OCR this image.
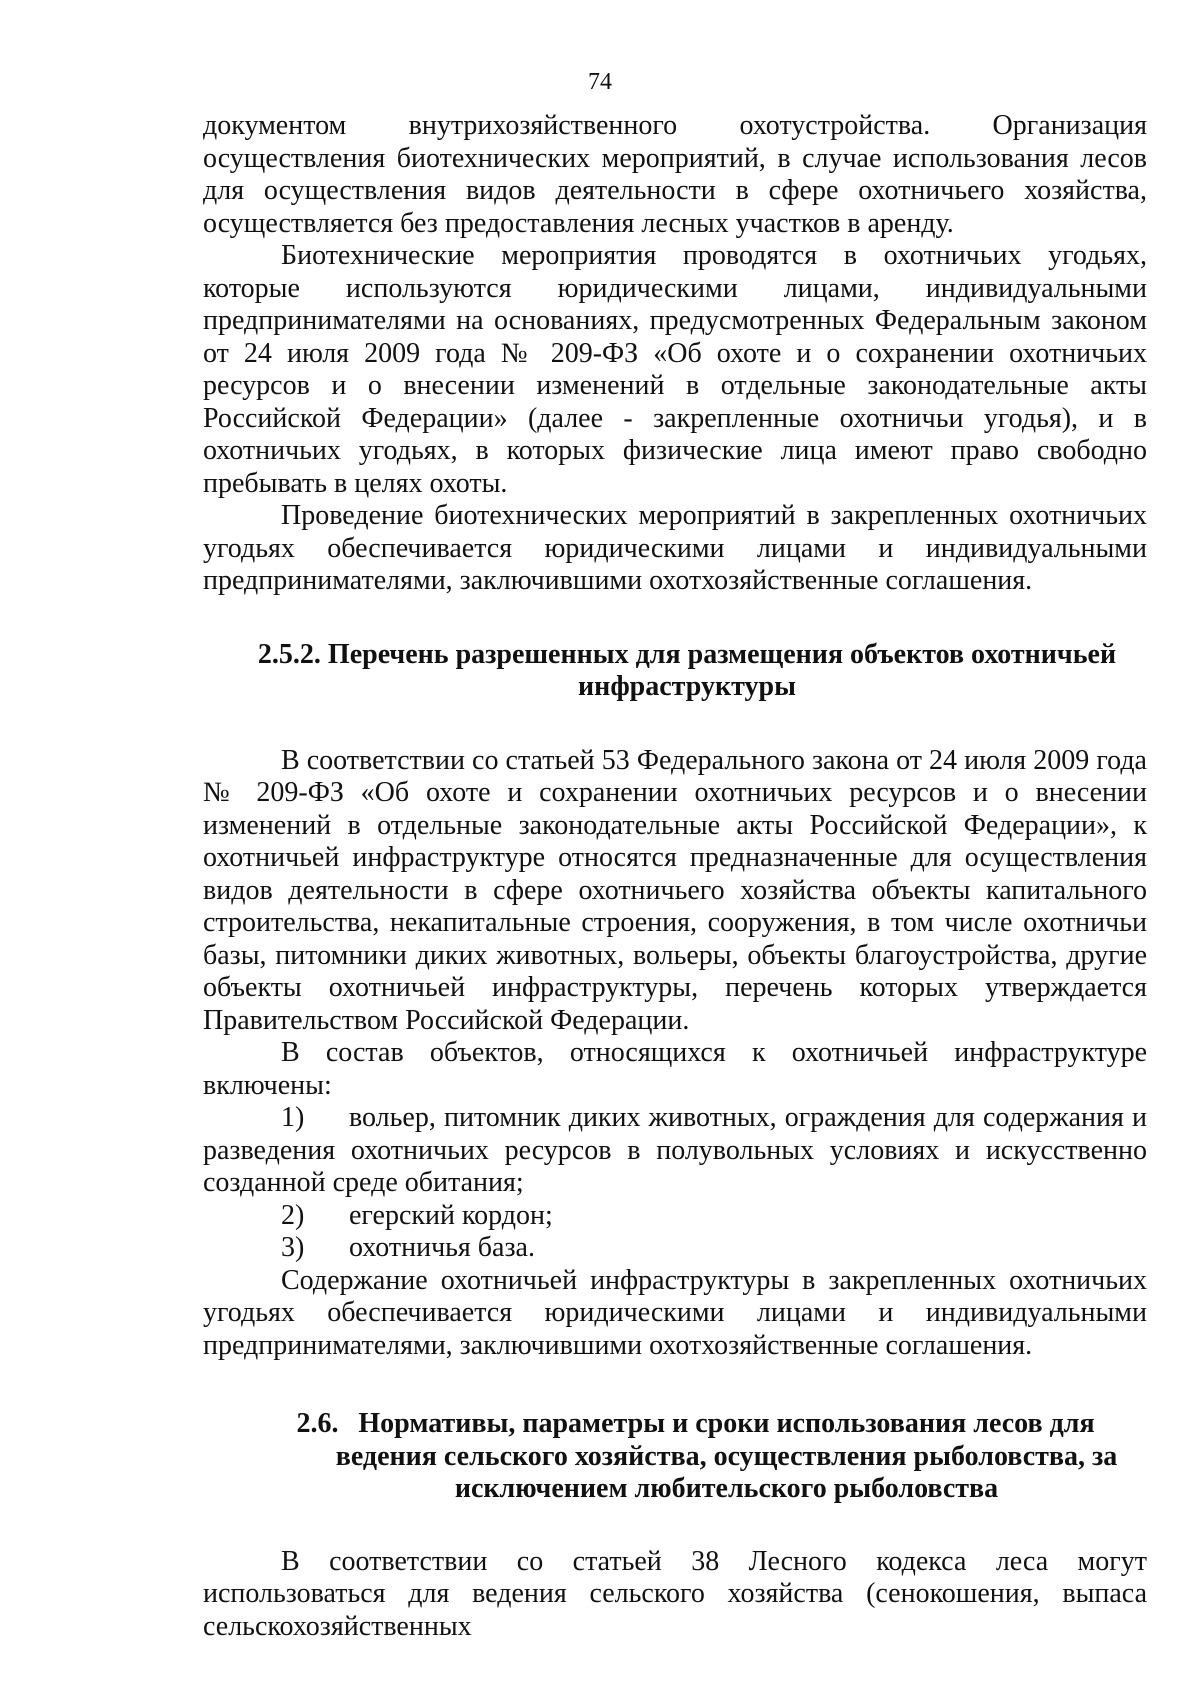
74

документом внутрихозяйственного охотустройства. Организация осуществления биотехнических мероприятий, в случае использования лесов для осуществления видов деятельности в сфере охотничьего хозяйства, осуществляется без предоставления лесных участков в аренду.

Биотехнические мероприятия проводятся в охотничьих угодьях, которые используются юридическими лицами, индивидуальными предпринимателями на основаниях, предусмотренных Федеральным законом от 24 июля 2009 года № 209-ФЗ «Об охоте и о сохранении охотничьих ресурсов и о внесении изменений в отдельные законодательные акты Российской Федерации» (далее - закрепленные охотничьи угодья), и в охотничьих угодьях, в которых физические лица имеют право свободно пребывать в целях охоты.

Проведение биотехнических мероприятий в закрепленных охотничьих угодьях обеспечивается юридическими лицами и индивидуальными предпринимателями, заключившими охотхозяйственные соглашения.

2.5.2. Перечень разрешенных для размещения объектов охотничьей
инфраструктуры

В соответствии со статьей 53 Федерального закона от 24 июля 2009 года № 209-ФЗ «Об охоте и сохранении охотничьих ресурсов и о внесении изменений в отдельные законодательные акты Российской Федерации», к охотничьей инфраструктуре относятся предназначенные для осуществления видов деятельности в сфере охотничьего хозяйства объекты капитального строительства, некапитальные строения, сооружения, в том числе охотничьи базы, питомники диких животных, вольеры, объекты благоустройства, другие объекты охотничьей инфраструктуры, перечень которых утверждается Правительством Российской Федерации.

В состав объектов, относящихся к охотничьей инфраструктуре включены:

1) вольер, питомник диких животных, ограждения для содержания и разведения охотничьих ресурсов в полувольных условиях и искусственно созданной среде обитания;

2) егерский кордон;

3) охотничья база.

Содержание охотничьей инфраструктуры в закрепленных охотничьих угодьях обеспечивается юридическими лицами и индивидуальными предпринимателями, заключившими охотхозяйственные соглашения.

2.6. Нормативы, параметры и сроки использования лесов для
ведения сельского хозяйства, осуществления рыболовства, за
исключением любительского рыболовства

В соответствии со статьей 38 Лесного кодекса леса могут использоваться для ведения сельского хозяйства (сенокошения, выпаса сельскохозяйственных
